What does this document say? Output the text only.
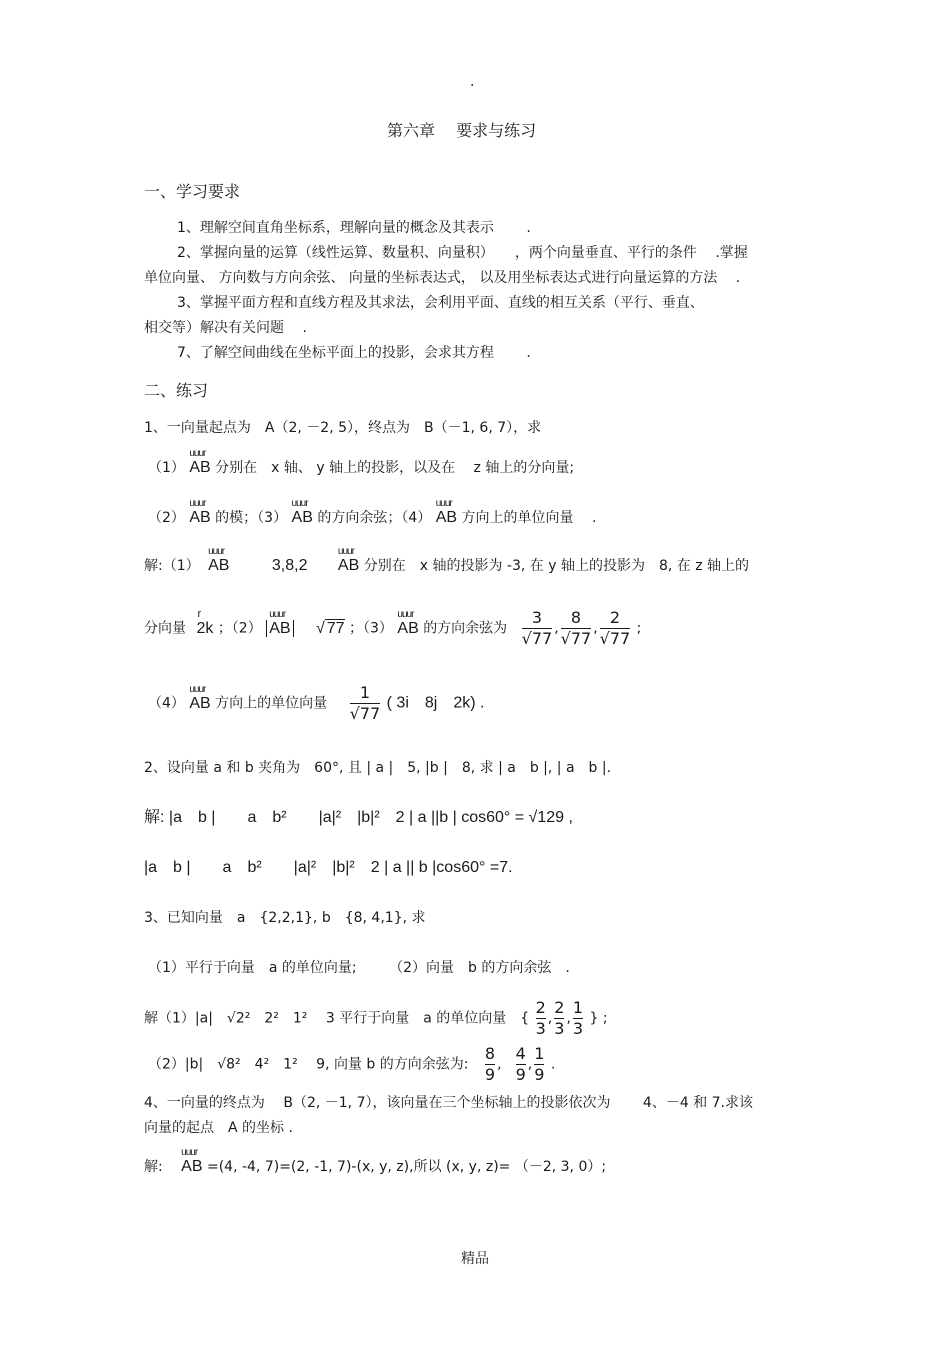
.
第六章　 要求与练习
一、学习要求
1、理解空间直角坐标系，理解向量的概念及其表示　　 .
2、掌握向量的运算（线性运算、数量积、向量积）　　，两个向量垂直、平行的条件　 .掌握
单位向量、 方向数与方向余弦、 向量的坐标表达式， 以及用坐标表达式进行向量运算的方法　 .
3、掌握平面方程和直线方程及其求法，会利用平面、直线的相互关系（平行、垂直、
相交等）解决有关问题　 .
7、了解空间曲线在坐标平面上的投影，会求其方程　　 .
二、练习
1、一向量起点为　A（2, －2, 5），终点为　B（－1, 6, 7），求
（1） uuur AB 分别在　x 轴、 y 轴上的投影，以及在　 z 轴上的分向量;
（2） uuur AB 的模；（3） uuur AB 的方向余弦；（4） uuur AB 方向上的单位向量　 .
解:（1） uuur AB	3,8,2 uuur AB 分别在　x 轴的投影为 -3, 在 y 轴上的投影为　8, 在 z 轴上的
分向量 r 2k ；（2） uuur AB √ 77 ；（3） uuur AB 的方向余弦为 $\frac{3}{√77}$ , $\frac{8}{√77}$ , $\frac{2}{√77}$ ;
（4） uuur AB 方向上的单位向量 $\frac{1}{√77}$ ( 3i　8j　2k) .
2、设向量 a 和 b 夹角为　60°, 且 | a |　5, |b |　8, 求 | a　b |, | a　b |.
解: |a　b |　　a　b²　　|a|²　|b|²　2 | a ||b | cos60° = √129 ,
|a　b |　　a　b²　　|a|²　|b|²　2 | a || b |cos60° =7.
3、已知向量　a　{2,2,1}, b　{8, 4,1}, 求
（1）平行于向量　a 的单位向量;　　 （2）向量　b 的方向余弦　.
解（1）|a|　√2²　2²　1²　 3 平行于向量　a 的单位向量　{ $\frac{2}{3}$ , $\frac{2}{3}$ , $\frac{1}{3}$ } ;
（2）|b|　√8²　4²　1²　 9, 向量 b 的方向余弦为: $\frac{8}{9}$ , $\frac{4}{9}$ , $\frac{1}{9}$ .
4、一向量的终点为　 B（2, －1, 7），该向量在三个坐标轴上的投影依次为　　 4、－4 和 7.求该
向量的起点　A 的坐标 .
解: uuur AB =(4, -4, 7)=(2, -1, 7)-(x, y, z),所以 (x, y, z)= （－2, 3, 0）;
精品
